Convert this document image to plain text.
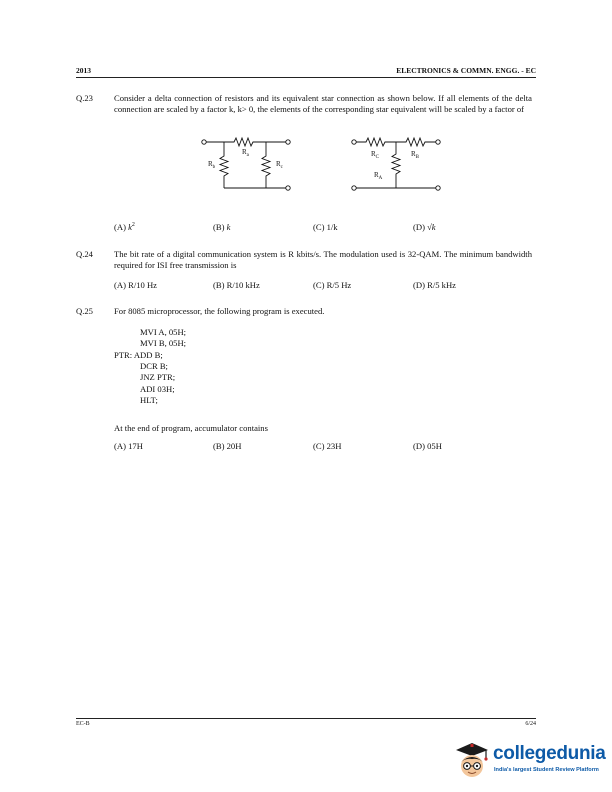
2013	ELECTRONICS & COMMN. ENGG. - EC
Q.23 Consider a delta connection of resistors and its equivalent star connection as shown below. If all elements of the delta connection are scaled by a factor k, k> 0, the elements of the corresponding star equivalent will be scaled by a factor of
$R_b$
$R_a$
$R_c$
$R_C$	$R_B$
$R_A$
(A) $k^2$	(B) k	(C) 1/k	(D) √k
Q.24 The bit rate of a digital communication system is R kbits/s. The modulation used is 32-QAM. The minimum bandwidth required for ISI free transmission is
(A) R/10 Hz	(B) R/10 kHz	(C) R/5 Hz	(D) R/5 kHz
Q.25 For 8085 microprocessor, the following program is executed.
MVI A, 05H;
MVI B, 05H;
PTR: ADD B;
DCR B;
JNZ PTR;
ADI 03H;
HLT;
At the end of program, accumulator contains
(A) 17H	(B) 20H	(C) 23H	(D) 05H
EC-B	6/24
collegedunia
India's largest Student Review Platform
